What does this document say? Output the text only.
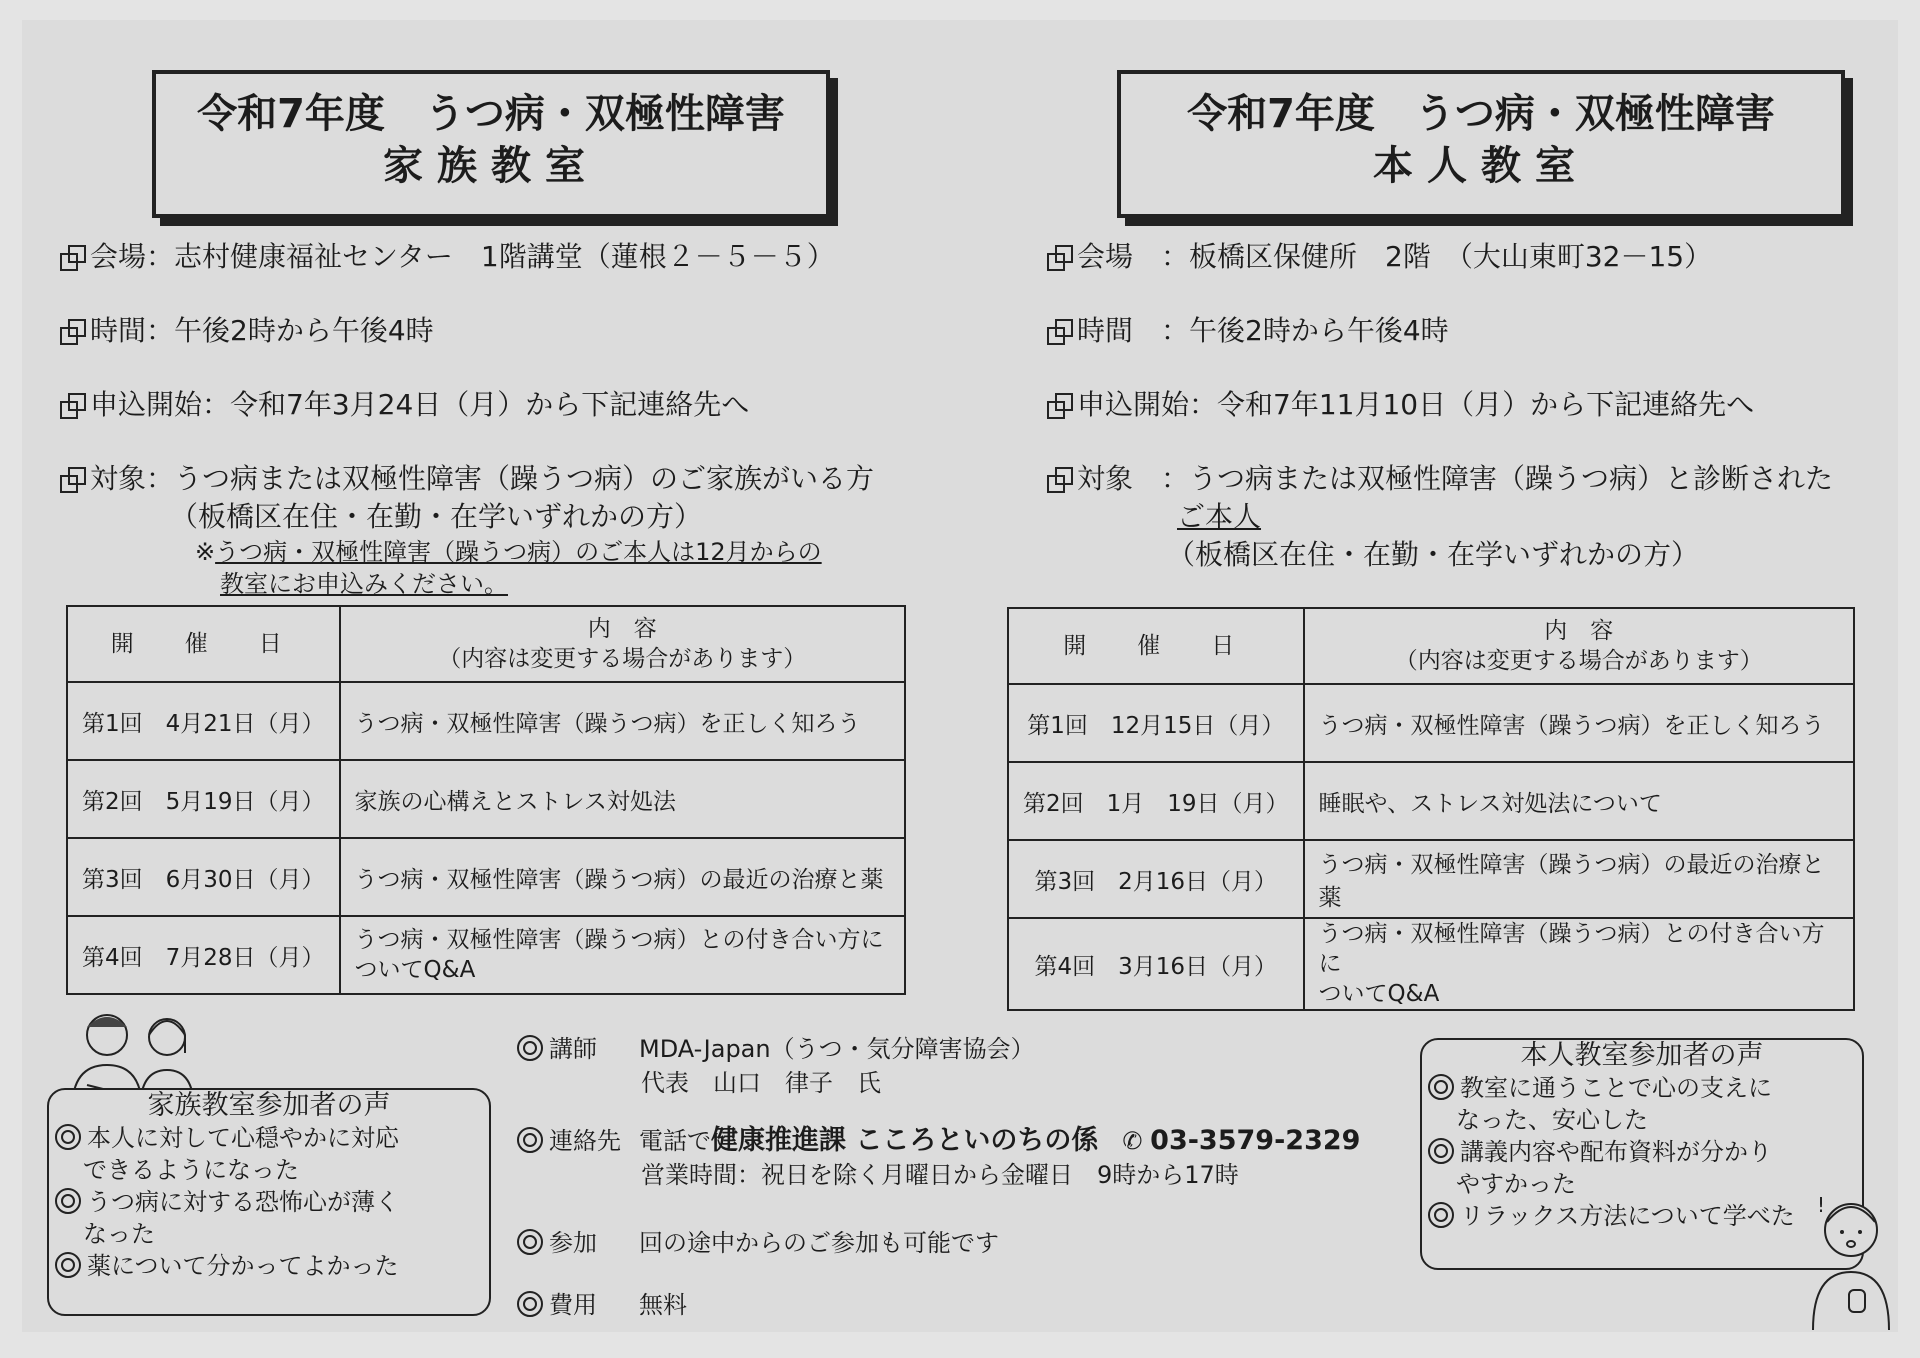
令和7年度　うつ病・双極性障害
家族教室
会場：志村健康福祉センター　1階講堂（蓮根２－５－５）
時間：午後2時から午後4時
申込開始：令和7年3月24日（月）から下記連絡先へ
対象：うつ病または双極性障害（躁うつ病）のご家族がいる方
（板橋区在住・在勤・在学いずれかの方）
※うつ病・双極性障害（躁うつ病）のご本人は12月からの
教室にお申込みください。
開　催　日	内　容
（内容は変更する場合があります）

第1回　4月21日（月）	うつ病・双極性障害（躁うつ病）を正しく知ろう
第2回　5月19日（月）	家族の心構えとストレス対処法
第3回　6月30日（月）	うつ病・双極性障害（躁うつ病）の最近の治療と薬
第4回　7月28日（月）	うつ病・双極性障害（躁うつ病）との付き合い方に
ついてQ&A
家族教室参加者の声
本人に対して心穏やかに対応
できるようになった
うつ病に対する恐怖心が薄く
なった
薬について分かってよかった
講師 MDA-Japan（うつ・気分障害協会）
代表　山口　律子　氏
連絡先 電話で健康推進課 こころといのちの係　 ✆ 03-3579-2329
営業時間：祝日を除く月曜日から金曜日　9時から17時
参加 回の途中からのご参加も可能です
費用 無料
令和7年度　うつ病・双極性障害
本人教室
会場　：板橋区保健所　2階　（大山東町32－15）
時間　：午後2時から午後4時
申込開始：令和7年11月10日（月）から下記連絡先へ
対象　：うつ病または双極性障害（躁うつ病）と診断された
ご本人
（板橋区在住・在勤・在学いずれかの方）
開　催　日	内　容
（内容は変更する場合があります）

第1回　12月15日（月）	うつ病・双極性障害（躁うつ病）を正しく知ろう
第2回　1月　19日（月）	睡眠や、ストレス対処法について
第3回　2月16日（月）	うつ病・双極性障害（躁うつ病）の最近の治療と薬
第4回　3月16日（月）	うつ病・双極性障害（躁うつ病）との付き合い方に
ついてQ&A
本人教室参加者の声
教室に通うことで心の支えに
なった、安心した
講義内容や配布資料が分かり
やすかった
リラックス方法について学べた	!
